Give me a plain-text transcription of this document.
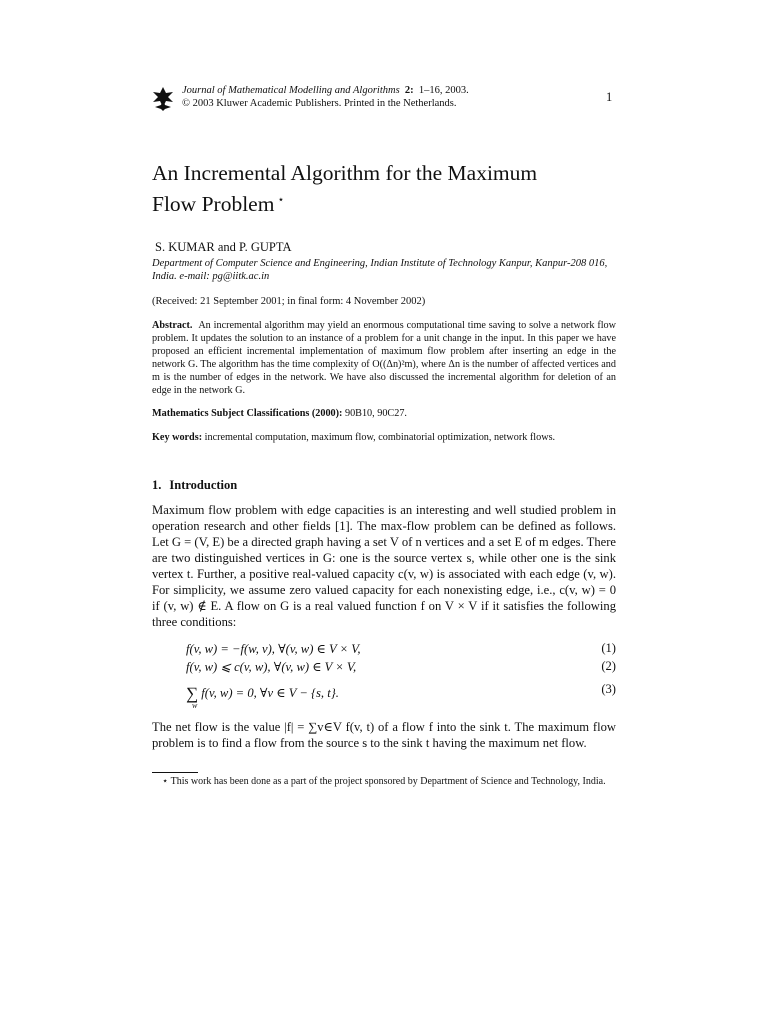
Journal of Mathematical Modelling and Algorithms 2: 1–16, 2003.
© 2003 Kluwer Academic Publishers. Printed in the Netherlands.	1
An Incremental Algorithm for the Maximum
Flow Problem ⋆
S. KUMAR and P. GUPTA
Department of Computer Science and Engineering, Indian Institute of Technology Kanpur, Kanpur-208 016, India. e-mail: pg@iitk.ac.in
(Received: 21 September 2001; in final form: 4 November 2002)
Abstract. An incremental algorithm may yield an enormous computational time saving to solve a network flow problem. It updates the solution to an instance of a problem for a unit change in the input. In this paper we have proposed an efficient incremental implementation of maximum flow problem after inserting an edge in the network G. The algorithm has the time complexity of O((Δn)²m), where Δn is the number of affected vertices and m is the number of edges in the network. We have also discussed the incremental algorithm for deletion of an edge in the network G.
Mathematics Subject Classifications (2000): 90B10, 90C27.
Key words: incremental computation, maximum flow, combinatorial optimization, network flows.
1. Introduction
Maximum flow problem with edge capacities is an interesting and well studied problem in operation research and other fields [1]. The max-flow problem can be defined as follows. Let G = (V, E) be a directed graph having a set V of n vertices and a set E of m edges. There are two distinguished vertices in G: one is the source vertex s, while other one is the sink vertex t. Further, a positive real-valued capacity c(v, w) is associated with each edge (v, w). For simplicity, we assume zero valued capacity for each nonexisting edge, i.e., c(v, w) = 0 if (v, w) ∉ E. A flow on G is a real valued function f on V × V if it satisfies the following three conditions:
f(v, w) = −f(w, v), ∀(v, w) ∈ V × V,	(1)
f(v, w) ⩽ c(v, w), ∀(v, w) ∈ V × V,	(2)
∑
w
f(v, w) = 0, ∀v ∈ V − {s, t}.	(3)
The net flow is the value |f| = ∑v∈V f(v, t) of a flow f into the sink t. The maximum flow problem is to find a flow from the source s to the sink t having the maximum net flow.
⋆ This work has been done as a part of the project sponsored by Department of Science and Technology, India.
